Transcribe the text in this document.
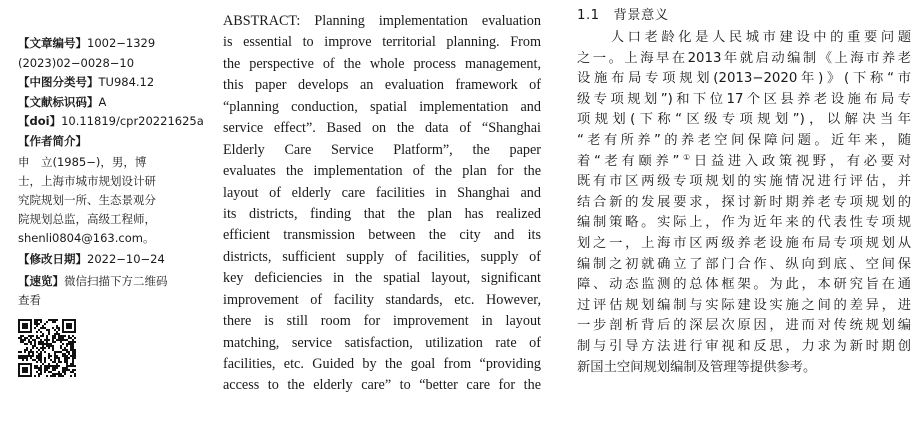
【文章编号】1002−1329
(2023)02−0028−10
【中图分类号】TU984.12
【文献标识码】A
【doi】10.11819/cpr20221625a
【作者简介】
申　立(1985−)，男，博
士，上海市城市规划设计研
究院规划一所、生态景观分
院规划总监，高级工程师，
shenli0804@163.com。
【修改日期】2022−10−24
【速览】微信扫描下方二维码
查看
ABSTRACT: Planning implementation evaluation
is essential to improve territorial planning. From
the perspective of the whole process management,
this paper develops an evaluation framework of
“planning conduction, spatial implementation and
service effect”. Based on the data of “Shanghai
Elderly Care Service Platform”, the paper
evaluates the implementation of the plan for the
layout of elderly care facilities in Shanghai and
its districts, finding that the plan has realized
efficient transmission between the city and its
districts, sufficient supply of facilities, supply of
key deficiencies in the spatial layout, significant
improvement of facility standards, etc. However,
there is still room for improvement in layout
matching, service satisfaction, utilization rate of
facilities, etc. Guided by the goal from “providing
access to the elderly care” to “better care for the
1.1　 背景意义
　　人口老龄化是人民城市建设中的重要问题
之一。上海早在2013年就启动编制《上海市养老
设施布局专项规划(2013−2020年)》(下称“市
级专项规划”)和下位17个区县养老设施布局专
项规划(下称“区级专项规划”)，以解决当年
“老有所养”的养老空间保障问题。近年来，随
着“老有颐养”①日益进入政策视野，有必要对
既有市区两级专项规划的实施情况进行评估，并
结合新的发展要求，探讨新时期养老专项规划的
编制策略。实际上，作为近年来的代表性专项规
划之一，上海市区两级养老设施布局专项规划从
编制之初就确立了部门合作、纵向到底、空间保
障、动态监测的总体框架。为此，本研究旨在通
过评估规划编制与实际建设实施之间的差异，进
一步剖析背后的深层次原因，进而对传统规划编
制与引导方法进行审视和反思，力求为新时期创
新国土空间规划编制及管理等提供参考。
